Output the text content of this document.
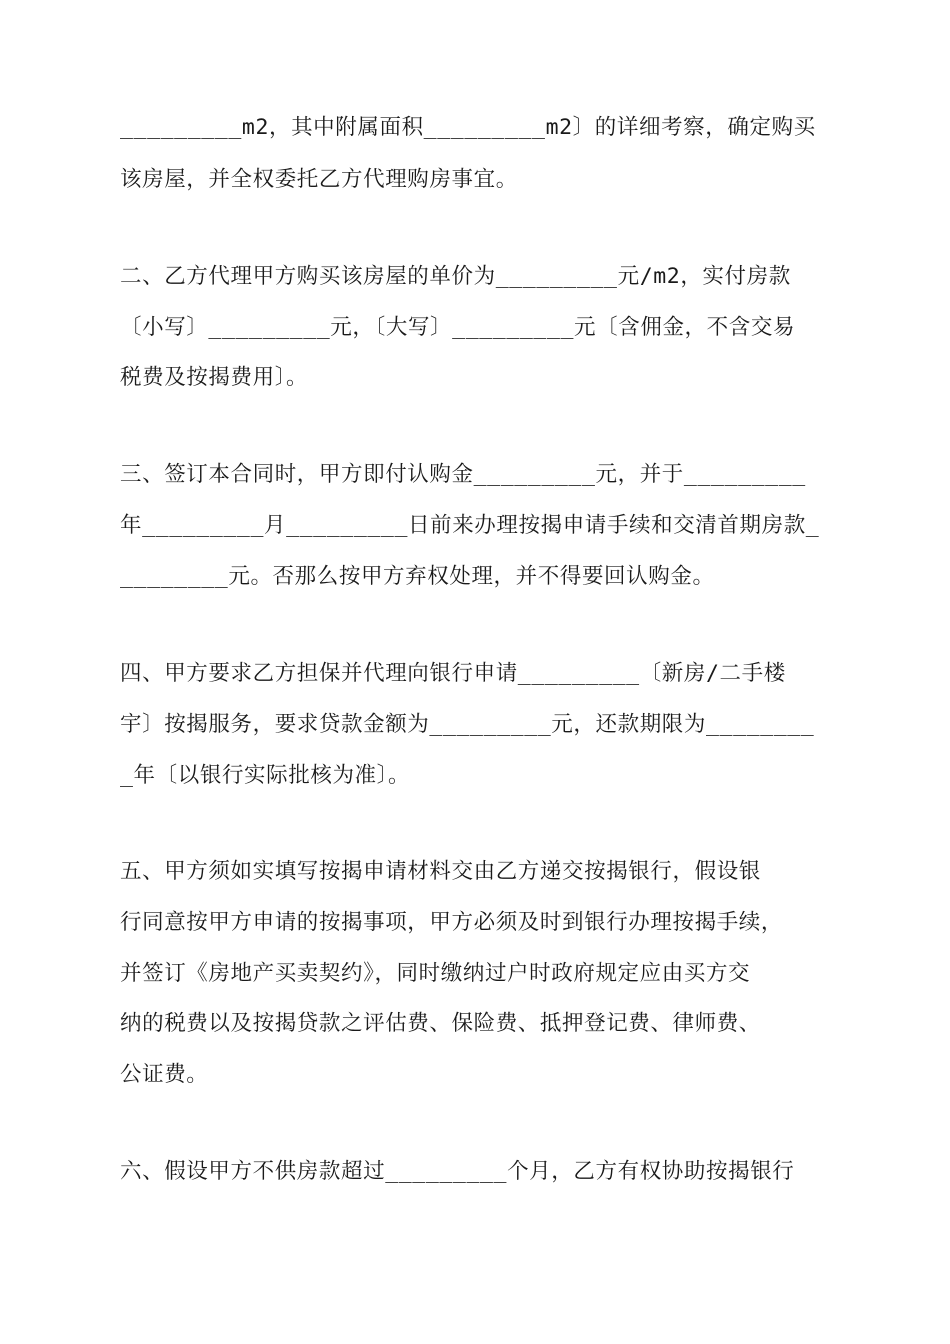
_________m2，其中附属面积_________m2〕的详细考察，确定购买
该房屋，并全权委托乙方代理购房事宜。
二、乙方代理甲方购买该房屋的单价为_________元/m2，实付房款
〔小写〕_________元，〔大写〕_________元〔含佣金，不含交易
税费及按揭费用〕。
三、签订本合同时，甲方即付认购金_________元，并于_________
年_________月_________日前来办理按揭申请手续和交清首期房款_
________元。否那么按甲方弃权处理，并不得要回认购金。
四、甲方要求乙方担保并代理向银行申请_________〔新房/二手楼
宇〕按揭服务，要求贷款金额为_________元，还款期限为________
_年〔以银行实际批核为准〕。
五、甲方须如实填写按揭申请材料交由乙方递交按揭银行，假设银
行同意按甲方申请的按揭事项，甲方必须及时到银行办理按揭手续，
并签订《房地产买卖契约》，同时缴纳过户时政府规定应由买方交
纳的税费以及按揭贷款之评估费、保险费、抵押登记费、律师费、
公证费。
六、假设甲方不供房款超过_________个月，乙方有权协助按揭银行
